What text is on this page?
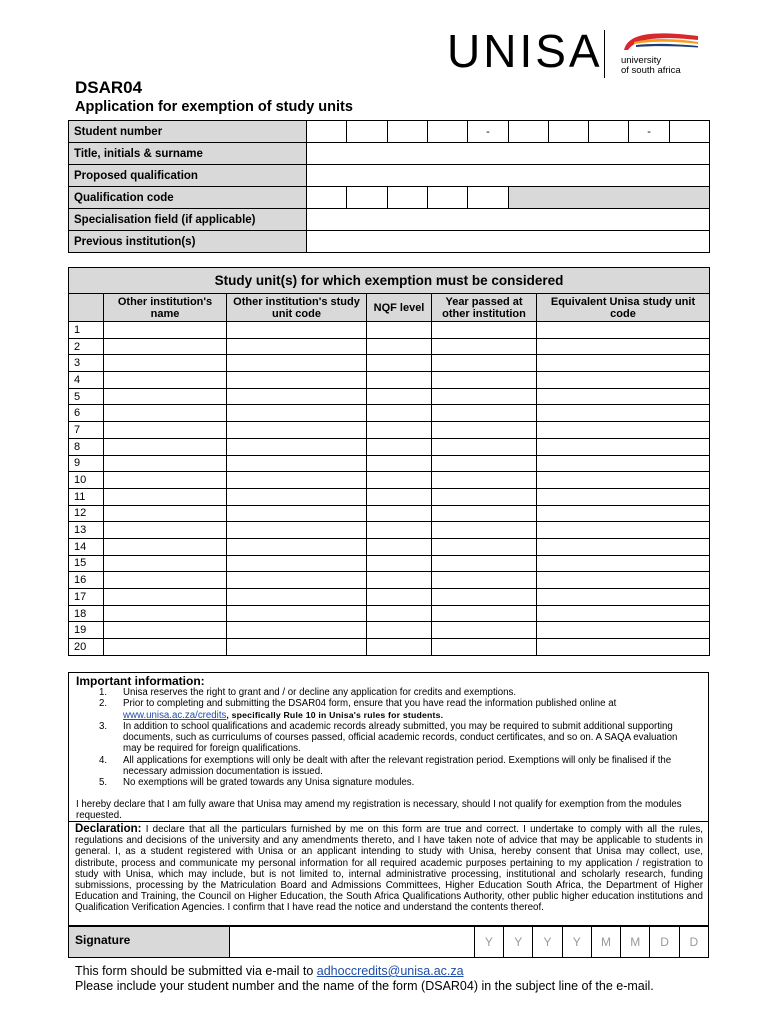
UNISA university
of south africa
DSAR04
Application for exemption of study units
Student number					-				-	
Title, initials & surname										
Proposed qualification										
Qualification code										
Specialisation field (if applicable)										
Previous institution(s)										
Study unit(s) for which exemption must be considered					
	Other institution's name	Other institution's study unit code	NQF level	Year passed at other institution	Equivalent Unisa study unit code
1					
2					
3					
4					
5					
6					
7					
8					
9					
10					
11					
12					
13					
14					
15					
16					
17					
18					
19					
20					
Important information:
1. Unisa reserves the right to grant and / or decline any application for credits and exemptions.
2. Prior to completing and submitting the DSAR04 form, ensure that you have read the information published online at
www.unisa.ac.za/credits, specifically Rule 10 in Unisa's rules for students.
3. In addition to school qualifications and academic records already submitted, you may be required to submit additional supporting documents, such as curriculums of courses passed, official academic records, conduct certificates, and so on. A SAQA evaluation may be required for foreign qualifications.
4. All applications for exemptions will only be dealt with after the relevant registration period. Exemptions will only be finalised if the necessary admission documentation is issued.
5. No exemptions will be grated towards any Unisa signature modules.
I hereby declare that I am fully aware that Unisa may amend my registration is necessary, should I not qualify for exemption from the modules requested.
Declaration: I declare that all the particulars furnished by me on this form are true and correct. I undertake to comply with all the rules, regulations and decisions of the university and any amendments thereto, and I have taken note of advice that may be applicable to students in general. I, as a student registered with Unisa or an applicant intending to study with Unisa, hereby consent that Unisa may collect, use, distribute, process and communicate my personal information for all required academic purposes pertaining to my application / registration to study with Unisa, which may include, but is not limited to, internal administrative processing, institutional and scholarly research, funding submissions, processing by the Matriculation Board and Admissions Committees, Higher Education South Africa, the Department of Higher Education and Training, the Council on Higher Education, the South Africa Qualifications Authority, other public higher education institutions and Qualification Verification Agencies. I confirm that I have read the notice and understand the contents thereof.
Signature		Y	Y	Y	Y	M	M	D	D
This form should be submitted via e-mail to adhoccredits@unisa.ac.za
Please include your student number and the name of the form (DSAR04) in the subject line of the e-mail.
